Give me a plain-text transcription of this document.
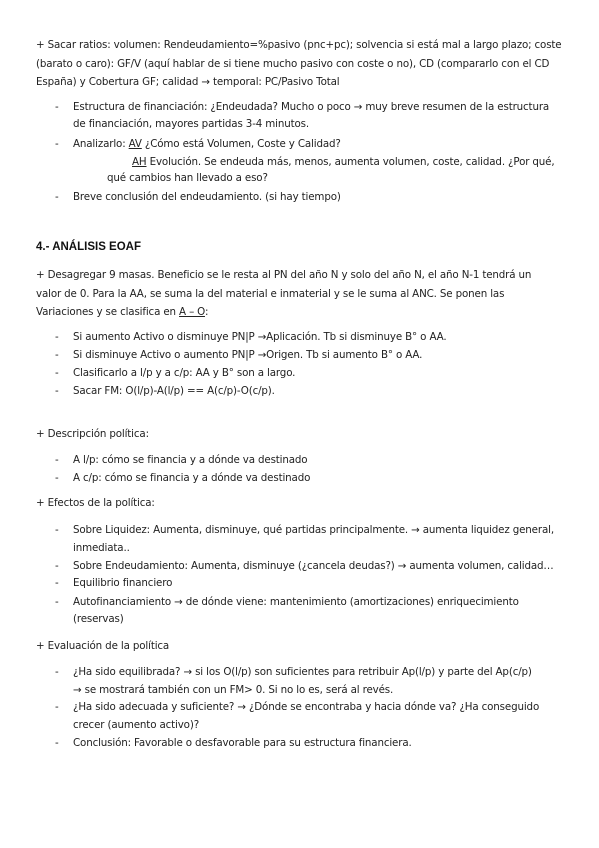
+ Sacar ratios: volumen: Rendeudamiento=%pasivo (pnc+pc); solvencia si está mal a largo plazo; coste
(barato o caro): GF/V (aquí hablar de si tiene mucho pasivo con coste o no), CD (compararlo con el CD
España) y Cobertura GF; calidad → temporal: PC/Pasivo Total
- Estructura de financiación: ¿Endeudada? Mucho o poco → muy breve resumen de la estructura
de financiación, mayores partidas 3-4 minutos.
- Analizarlo: AV ¿Cómo está Volumen, Coste y Calidad?
AH Evolución. Se endeuda más, menos, aumenta volumen, coste, calidad. ¿Por qué,
qué cambios han llevado a eso?
- Breve conclusión del endeudamiento. (si hay tiempo)
4.- ANÁLISIS EOAF
+ Desagregar 9 masas. Beneficio se le resta al PN del año N y solo del año N, el año N-1 tendrá un
valor de 0. Para la AA, se suma la del material e inmaterial y se le suma al ANC. Se ponen las
Variaciones y se clasifica en A – O:
- Si aumento Activo o disminuye PN|P →Aplicación. Tb si disminuye B° o AA.
- Si disminuye Activo o aumento PN|P →Origen. Tb si aumento B° o AA.
- Clasificarlo a l/p y a c/p: AA y B° son a largo.
- Sacar FM: O(l/p)-A(l/p) == A(c/p)-O(c/p).
+ Descripción política:
- A l/p: cómo se financia y a dónde va destinado
- A c/p: cómo se financia y a dónde va destinado
+ Efectos de la política:
- Sobre Liquidez: Aumenta, disminuye, qué partidas principalmente. → aumenta liquidez general,
inmediata..
- Sobre Endeudamiento: Aumenta, disminuye (¿cancela deudas?) → aumenta volumen, calidad…
- Equilibrio financiero
- Autofinanciamiento → de dónde viene: mantenimiento (amortizaciones) enriquecimiento
(reservas)
+ Evaluación de la política
- ¿Ha sido equilibrada? → si los O(l/p) son suficientes para retribuir Ap(l/p) y parte del Ap(c/p)
→ se mostrará también con un FM> 0. Si no lo es, será al revés.
- ¿Ha sido adecuada y suficiente? → ¿Dónde se encontraba y hacia dónde va? ¿Ha conseguido
crecer (aumento activo)?
- Conclusión: Favorable o desfavorable para su estructura financiera.
